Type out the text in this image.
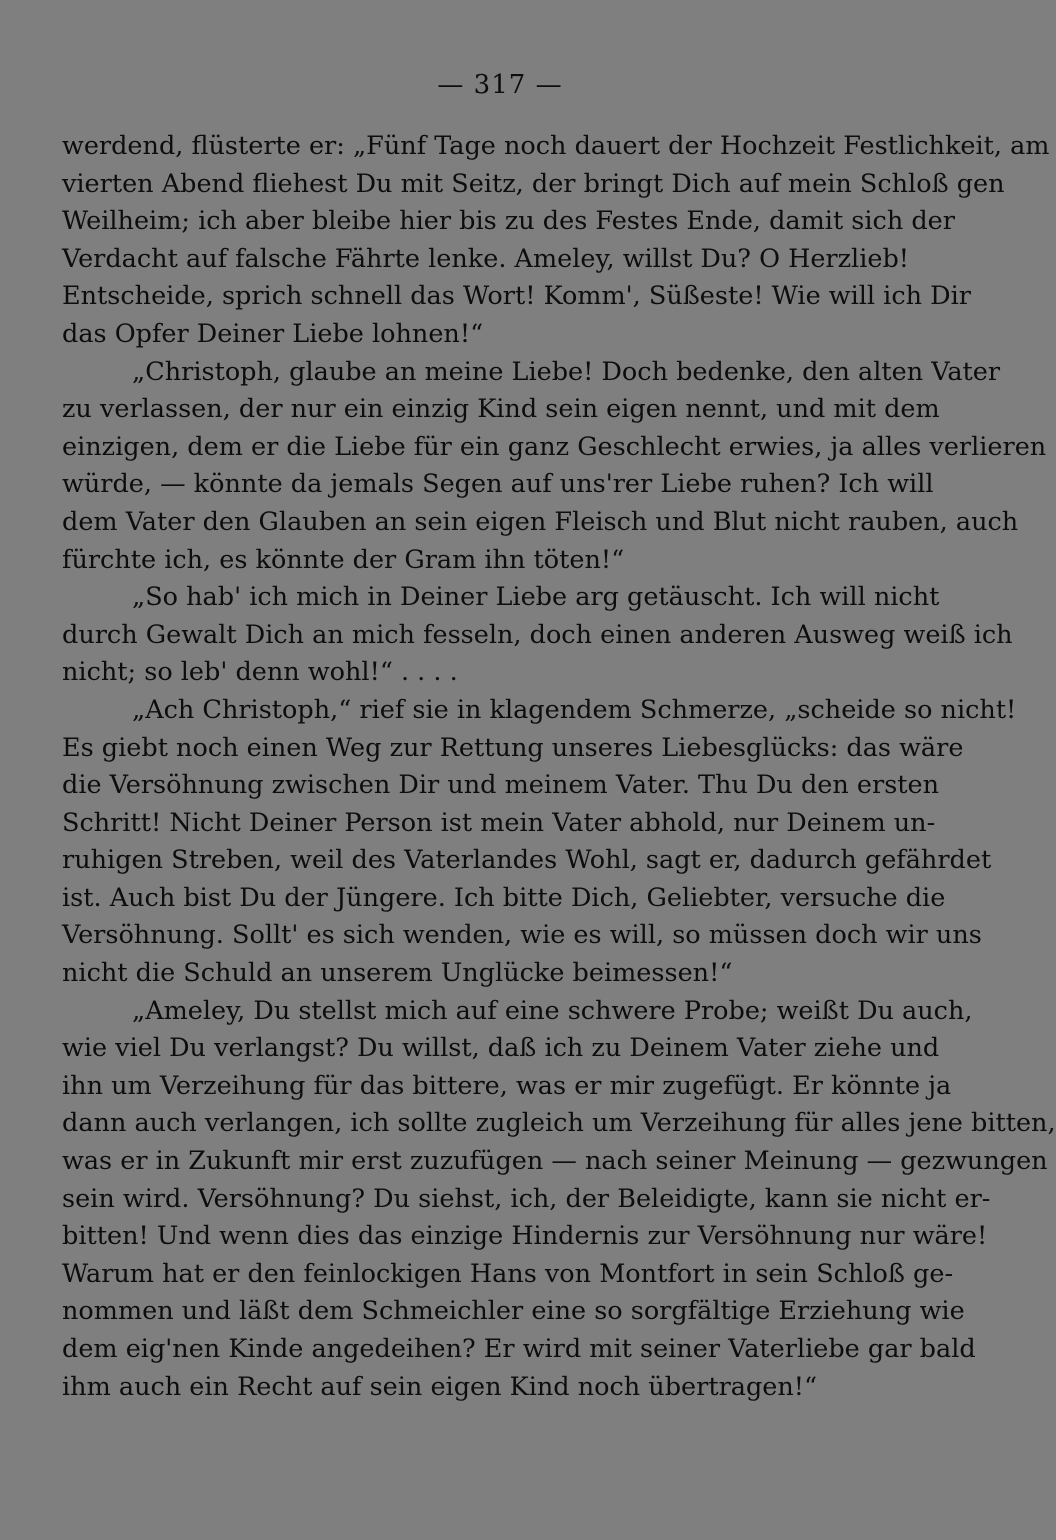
— 317 —
werdend, flüsterte er: „Fünf Tage noch dauert der Hochzeit Festlichkeit, am
vierten Abend fliehest Du mit Seitz, der bringt Dich auf mein Schloß gen
Weilheim; ich aber bleibe hier bis zu des Festes Ende, damit sich der
Verdacht auf falsche Fährte lenke. Ameley, willst Du? O Herzlieb!
Entscheide, sprich schnell das Wort! Komm', Süßeste! Wie will ich Dir
das Opfer Deiner Liebe lohnen!“
„Christoph, glaube an meine Liebe! Doch bedenke, den alten Vater
zu verlassen, der nur ein einzig Kind sein eigen nennt, und mit dem
einzigen, dem er die Liebe für ein ganz Geschlecht erwies, ja alles verlieren
würde, — könnte da jemals Segen auf uns'rer Liebe ruhen? Ich will
dem Vater den Glauben an sein eigen Fleisch und Blut nicht rauben, auch
fürchte ich, es könnte der Gram ihn töten!“
„So hab' ich mich in Deiner Liebe arg getäuscht. Ich will nicht
durch Gewalt Dich an mich fesseln, doch einen anderen Ausweg weiß ich
nicht; so leb' denn wohl!“ . . . .
„Ach Christoph,“ rief sie in klagendem Schmerze, „scheide so nicht!
Es giebt noch einen Weg zur Rettung unseres Liebesglücks: das wäre
die Versöhnung zwischen Dir und meinem Vater. Thu Du den ersten
Schritt! Nicht Deiner Person ist mein Vater abhold, nur Deinem un-
ruhigen Streben, weil des Vaterlandes Wohl, sagt er, dadurch gefährdet
ist. Auch bist Du der Jüngere. Ich bitte Dich, Geliebter, versuche die
Versöhnung. Sollt' es sich wenden, wie es will, so müssen doch wir uns
nicht die Schuld an unserem Unglücke beimessen!“
„Ameley, Du stellst mich auf eine schwere Probe; weißt Du auch,
wie viel Du verlangst? Du willst, daß ich zu Deinem Vater ziehe und
ihn um Verzeihung für das bittere, was er mir zugefügt. Er könnte ja
dann auch verlangen, ich sollte zugleich um Verzeihung für alles jene bitten,
was er in Zukunft mir erst zuzufügen — nach seiner Meinung — gezwungen
sein wird. Versöhnung? Du siehst, ich, der Beleidigte, kann sie nicht er-
bitten! Und wenn dies das einzige Hindernis zur Versöhnung nur wäre!
Warum hat er den feinlockigen Hans von Montfort in sein Schloß ge-
nommen und läßt dem Schmeichler eine so sorgfältige Erziehung wie
dem eig'nen Kinde angedeihen? Er wird mit seiner Vaterliebe gar bald
ihm auch ein Recht auf sein eigen Kind noch übertragen!“
